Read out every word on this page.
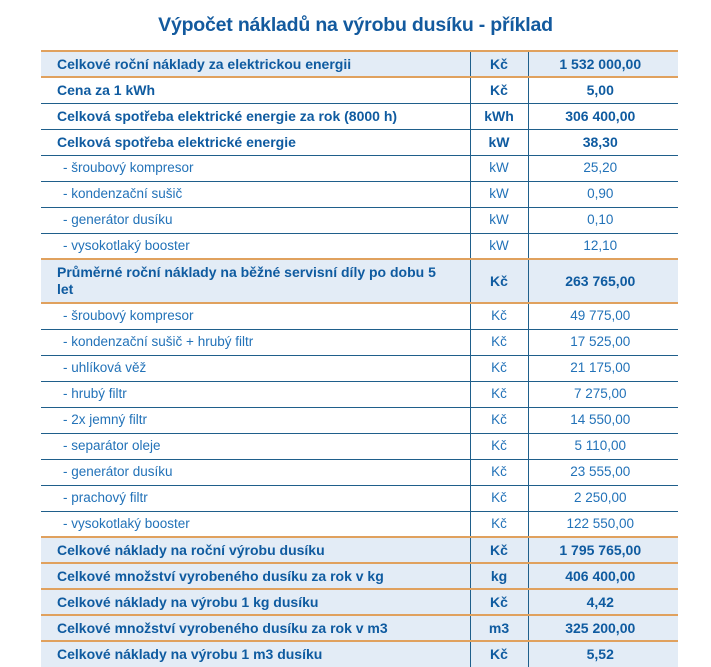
Výpočet nákladů na výrobu dusíku - příklad
Celkové roční náklady za elektrickou energii	Kč	1 532 000,00
Cena za 1 kWh	Kč	5,00
Celková spotřeba elektrické energie za rok (8000 h)	kWh	306 400,00
Celková spotřeba elektrické energie	kW	38,30
- šroubový kompresor	kW	25,20
- kondenzační sušič	kW	0,90
- generátor dusíku	kW	0,10
- vysokotlaký booster	kW	12,10
Průměrné roční náklady na běžné servisní díly po dobu 5 let	Kč	263 765,00
- šroubový kompresor	Kč	49 775,00
- kondenzační sušič + hrubý filtr	Kč	17 525,00
- uhlíková věž	Kč	21 175,00
- hrubý filtr	Kč	7 275,00
- 2x jemný filtr	Kč	14 550,00
- separátor oleje	Kč	5 110,00
- generátor dusíku	Kč	23 555,00
- prachový filtr	Kč	2 250,00
- vysokotlaký booster	Kč	122 550,00
Celkové náklady na roční výrobu dusíku	Kč	1 795 765,00
Celkové množství vyrobeného dusíku za rok v kg	kg	406 400,00
Celkové náklady na výrobu 1 kg dusíku	Kč	4,42
Celkové množství vyrobeného dusíku za rok v m3	m3	325 200,00
Celkové náklady na výrobu 1 m3 dusíku	Kč	5,52
